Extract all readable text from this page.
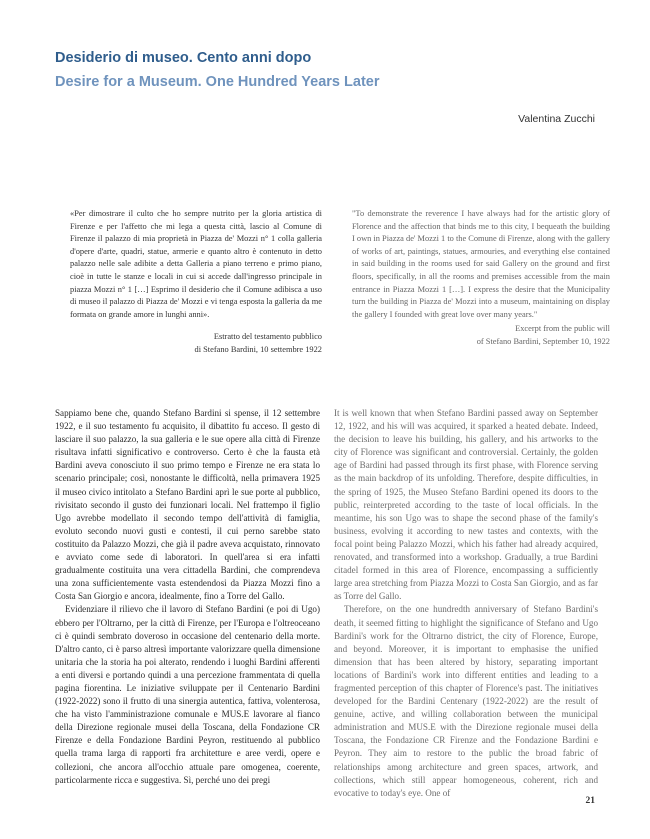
Desiderio di museo. Cento anni dopo
Desire for a Museum. One Hundred Years Later
Valentina Zucchi

«Per dimostrare il culto che ho sempre nutrito per la gloria artistica di Firenze e per l'affetto che mi lega a questa città, lascio al Comune di Firenze il palazzo di mia proprietà in Piazza de' Mozzi n° 1 colla galleria d'opere d'arte, quadri, statue, armerie e quanto altro è contenuto in detto palazzo nelle sale adibite a detta Galleria a piano terreno e primo piano, cioè in tutte le stanze e locali in cui si accede dall'ingresso principale in piazza Mozzi n° 1 […] Esprimo il desiderio che il Comune adibisca a uso di museo il palazzo di Piazza de' Mozzi e vi tenga esposta la galleria da me formata on grande amore in lunghi anni».

Estratto del testamento pubblico
di Stefano Bardini, 10 settembre 1922

"To demonstrate the reverence I have always had for the artistic glory of Florence and the affection that binds me to this city, I bequeath the building I own in Piazza de' Mozzi 1 to the Comune di Firenze, along with the gallery of works of art, paintings, statues, armouries, and everything else contained in said building in the rooms used for said Gallery on the ground and first floors, specifically, in all the rooms and premises accessible from the main entrance in Piazza Mozzi 1 […]. I express the desire that the Municipality turn the building in Piazza de' Mozzi into a museum, maintaining on display the gallery I founded with great love over many years."

Excerpt from the public will
of Stefano Bardini, September 10, 1922

Sappiamo bene che, quando Stefano Bardini si spense, il 12 settembre 1922, e il suo testamento fu acquisito, il dibattito fu acceso. Il gesto di lasciare il suo palazzo, la sua galleria e le sue opere alla città di Firenze risultava infatti significativo e controverso. Certo è che la fausta età Bardini aveva conosciuto il suo primo tempo e Firenze ne era stata lo scenario principale; così, nonostante le difficoltà, nella primavera 1925 il museo civico intitolato a Stefano Bardini aprì le sue porte al pubblico, rivisitato secondo il gusto dei funzionari locali. Nel frattempo il figlio Ugo avrebbe modellato il secondo tempo dell'attività di famiglia, evoluto secondo nuovi gusti e contesti, il cui perno sarebbe stato costituito da Palazzo Mozzi, che già il padre aveva acquistato, rinnovato e avviato come sede di laboratori. In quell'area si era infatti gradualmente costituita una vera cittadella Bardini, che comprendeva una zona sufficientemente vasta estendendosi da Piazza Mozzi fino a Costa San Giorgio e ancora, idealmente, fino a Torre del Gallo.

Evidenziare il rilievo che il lavoro di Stefano Bardini (e poi di Ugo) ebbero per l'Oltrarno, per la città di Firenze, per l'Europa e l'oltreoceano ci è quindi sembrato doveroso in occasione del centenario della morte. D'altro canto, ci è parso altresì importante valorizzare quella dimensione unitaria che la storia ha poi alterato, rendendo i luoghi Bardini afferenti a enti diversi e portando quindi a una percezione frammentata di quella pagina fiorentina. Le iniziative sviluppate per il Centenario Bardini (1922-2022) sono il frutto di una sinergia autentica, fattiva, volenterosa, che ha visto l'amministrazione comunale e MUS.E lavorare al fianco della Direzione regionale musei della Toscana, della Fondazione CR Firenze e della Fondazione Bardini Peyron, restituendo al pubblico quella trama larga di rapporti fra architetture e aree verdi, opere e collezioni, che ancora all'occhio attuale pare omogenea, coerente, particolarmente ricca e suggestiva. Sì, perché uno dei pregi

It is well known that when Stefano Bardini passed away on September 12, 1922, and his will was acquired, it sparked a heated debate. Indeed, the decision to leave his building, his gallery, and his artworks to the city of Florence was significant and controversial. Certainly, the golden age of Bardini had passed through its first phase, with Florence serving as the main backdrop of its unfolding. Therefore, despite difficulties, in the spring of 1925, the Museo Stefano Bardini opened its doors to the public, reinterpreted according to the taste of local officials. In the meantime, his son Ugo was to shape the second phase of the family's business, evolving it according to new tastes and contexts, with the focal point being Palazzo Mozzi, which his father had already acquired, renovated, and transformed into a workshop. Gradually, a true Bardini citadel formed in this area of Florence, encompassing a sufficiently large area stretching from Piazza Mozzi to Costa San Giorgio, and as far as Torre del Gallo.

Therefore, on the one hundredth anniversary of Stefano Bardini's death, it seemed fitting to highlight the significance of Stefano and Ugo Bardini's work for the Oltrarno district, the city of Florence, Europe, and beyond. Moreover, it is important to emphasise the unified dimension that has been altered by history, separating important locations of Bardini's work into different entities and leading to a fragmented perception of this chapter of Florence's past. The initiatives developed for the Bardini Centenary (1922-2022) are the result of genuine, active, and willing collaboration between the municipal administration and MUS.E with the Direzione regionale musei della Toscana, the Fondazione CR Firenze and the Fondazione Bardini e Peyron. They aim to restore to the public the broad fabric of relationships among architecture and green spaces, artwork, and collections, which still appear homogeneous, coherent, rich and evocative to today's eye. One of

21
